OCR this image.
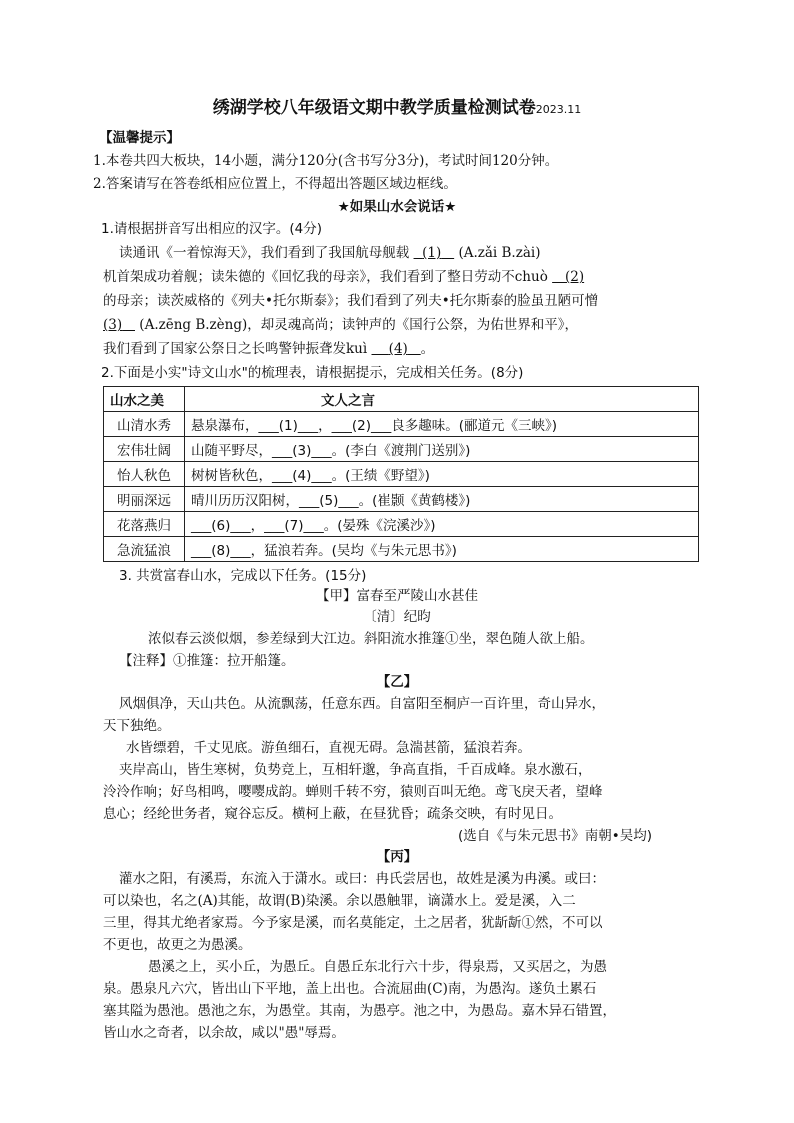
绣湖学校八年级语文期中教学质量检测试卷2023.11
【温馨提示】
1.本卷共四大板块，14小题，满分120分(含书写分3分)，考试时间120分钟。
2.答案请写在答卷纸相应位置上，不得超出答题区域边框线。
★如果山水会说话★
1.请根据拼音写出相应的汉字。(4分)
读通讯《一着惊海天》，我们看到了我国航母舰载 (1) (A.zǎi B.zài)
机首架成功着舰；读朱德的《回忆我的母亲》，我们看到了整日劳动不chuò (2)
的母亲；读茨威格的《列夫•托尔斯泰》；我们看到了列夫•托尔斯泰的脸虽丑陋可憎
(3) (A.zēng B.zèng)，却灵魂高尚；读钟声的《国行公祭，为佑世界和平》，
我们看到了国家公祭日之长鸣警钟振聋发kuì (4) 。
2.下面是小实"诗文山水"的梳理表，请根据提示，完成相关任务。(8分)
山水之美	文人之言
山清水秀	悬泉瀑布，___(1)___，___(2)___良多趣味。(郦道元《三峡》)
宏伟壮阔	山随平野尽，___(3)___。(李白《渡荆门送别》)
怡人秋色	树树皆秋色，___(4)___。(王绩《野望》)
明丽深远	晴川历历汉阳树，___(5)___。(崔颢《黄鹤楼》)
花落燕归	___(6)___，___(7)___。(晏殊《浣溪沙》)
急流猛浪	___(8)___，猛浪若奔。(吴均《与朱元思书》)
3. 共赏富春山水，完成以下任务。(15分)
【甲】富春至严陵山水甚佳
〔清〕纪昀
浓似春云淡似烟，参差绿到大江边。斜阳流水推篷①坐，翠色随人欲上船。
【注释】①推篷：拉开船篷。
【乙】
风烟俱净，天山共色。从流飘荡，任意东西。自富阳至桐庐一百许里，奇山异水，
天下独绝。
水皆缥碧，千丈见底。游鱼细石，直视无碍。急湍甚箭，猛浪若奔。
夹岸高山，皆生寒树，负势竞上，互相轩邈，争高直指，千百成峰。泉水激石，
泠泠作响；好鸟相鸣，嘤嘤成韵。蝉则千转不穷，猿则百叫无绝。鸢飞戾天者，望峰
息心；经纶世务者，窥谷忘反。横柯上蔽，在昼犹昏；疏条交映，有时见日。
(选自《与朱元思书》南朝•吴均)
【丙】
灌水之阳，有溪焉，东流入于潇水。或曰：冉氏尝居也，故姓是溪为冉溪。或曰：
可以染也，名之(A)其能，故谓(B)染溪。余以愚触罪，谪潇水上。爱是溪，入二
三里，得其尤绝者家焉。今予家是溪，而名莫能定，土之居者，犹龂龂①然，不可以
不更也，故更之为愚溪。
愚溪之上，买小丘，为愚丘。自愚丘东北行六十步，得泉焉，又买居之，为愚
泉。愚泉凡六穴，皆出山下平地，盖上出也。合流屈曲(C)南，为愚沟。遂负土累石
塞其隘为愚池。愚池之东，为愚堂。其南，为愚亭。池之中，为愚岛。嘉木异石错置，
皆山水之奇者，以余故，咸以"愚"辱焉。
